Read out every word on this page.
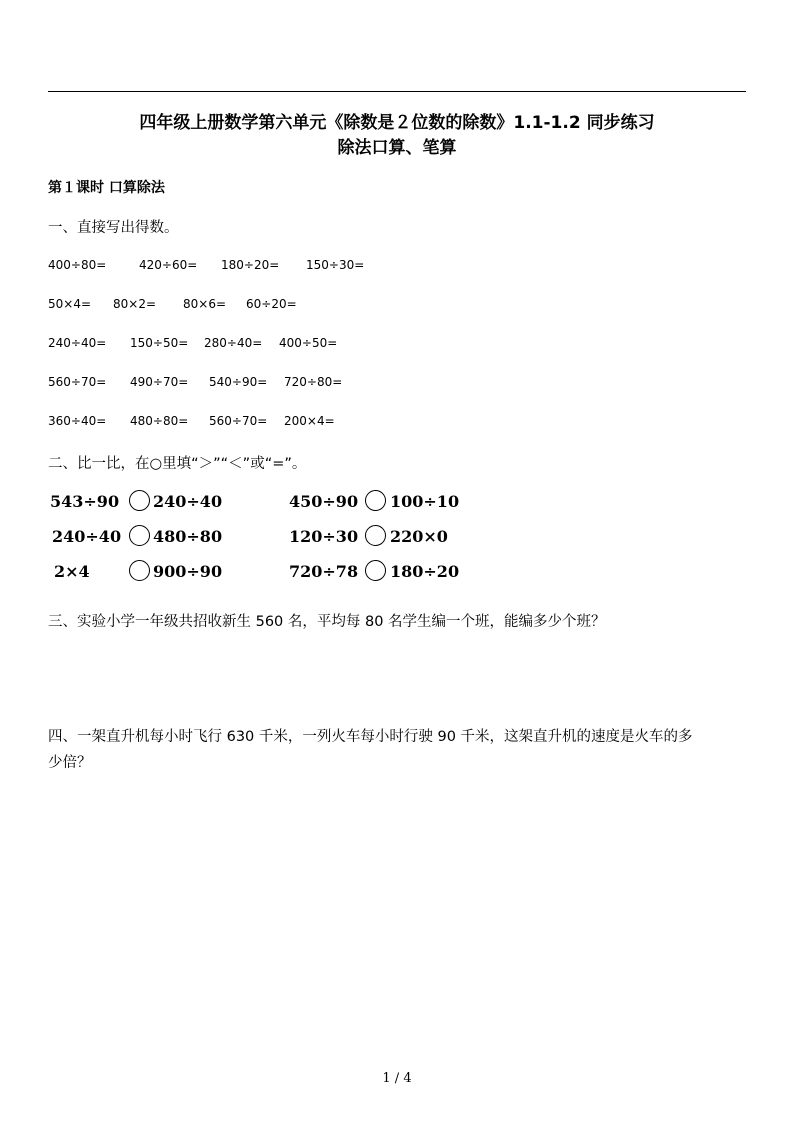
四年级上册数学第六单元《除数是２位数的除数》1.1-1.2 同步练习
除法口算、笔算
第１课时 口算除法
一、直接写出得数。
400÷80=	420÷60= 180÷20= 150÷30=
50×4= 80×2= 80×6= 60÷20=
240÷40= 150÷50= 280÷40= 400÷50=
560÷70= 490÷70= 540÷90= 720÷80=
360÷40= 480÷80= 560÷70= 200×4=
二、比一比，在○里填“＞”“＜”或“=”。
543÷90 240÷40	450÷90 100÷10
240÷40 480÷80	120÷30 220×0
2×4	900÷90	720÷78 180÷20
三、实验小学一年级共招收新生 560 名，平均每 80 名学生编一个班，能编多少个班？
四、一架直升机每小时飞行 630 千米，一列火车每小时行驶 90 千米，这架直升机的速度是火车的多
少倍？
1 / 4
